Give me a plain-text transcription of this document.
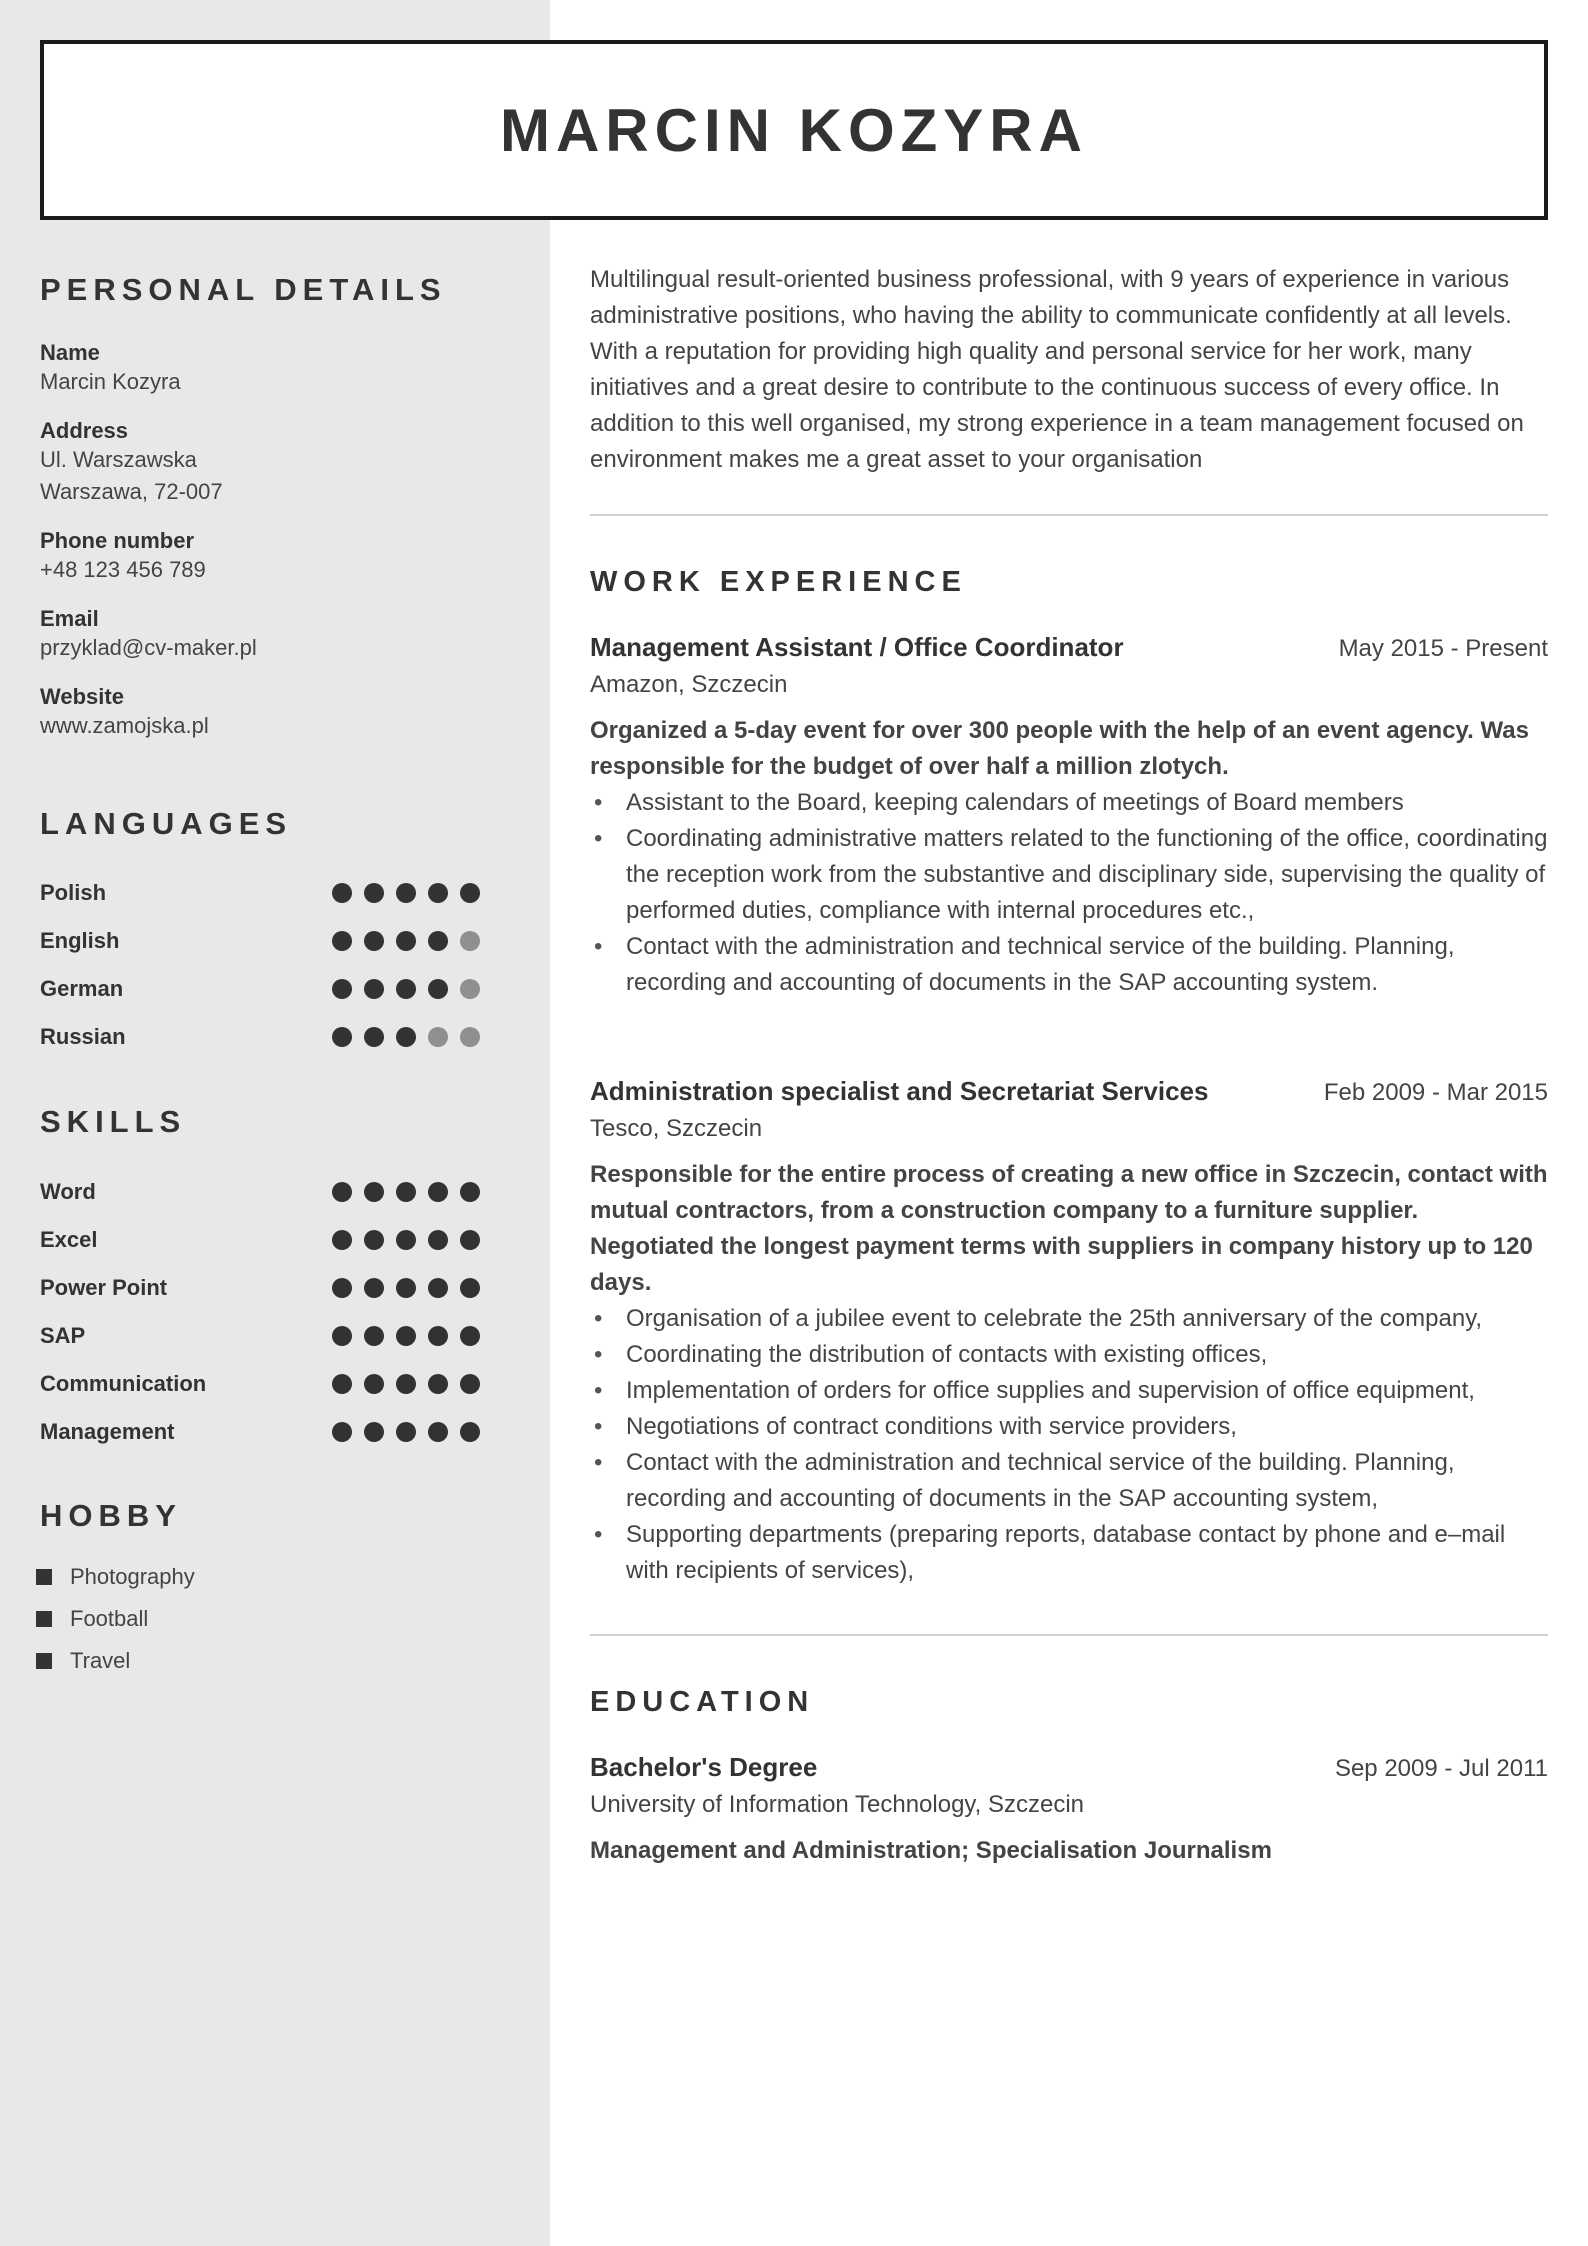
MARCIN KOZYRA
PERSONAL DETAILS
Name
Marcin Kozyra
Address
Ul. Warszawska
Warszawa, 72-007
Phone number
+48 123 456 789
Email
przyklad@cv-maker.pl
Website
www.zamojska.pl
LANGUAGES
Polish
English
German
Russian
SKILLS
Word
Excel
Power Point
SAP
Communication
Management
HOBBY
Photography
Football
Travel

Multilingual result-oriented business professional, with 9 years of experience in various administrative positions, who having the ability to communicate confidently at all levels. With a reputation for providing high quality and personal service for her work, many initiatives and a great desire to contribute to the continuous success of every office. In addition to this well organised, my strong experience in a team management focused on environment makes me a great asset to your organisation

WORK EXPERIENCE
Management Assistant / Office Coordinator	May 2015 - Present
Amazon, Szczecin
Organized a 5-day event for over 300 people with the help of an event agency. Was responsible for the budget of over half a million zlotych.
• Assistant to the Board, keeping calendars of meetings of Board members
• Coordinating administrative matters related to the functioning of the office, coordinating the reception work from the substantive and disciplinary side, supervising the quality of performed duties, compliance with internal procedures etc.,
• Contact with the administration and technical service of the building. Planning, recording and accounting of documents in the SAP accounting system.
Administration specialist and Secretariat Services	Feb 2009 - Mar 2015
Tesco, Szczecin
Responsible for the entire process of creating a new office in Szczecin, contact with mutual contractors, from a construction company to a furniture supplier.
Negotiated the longest payment terms with suppliers in company history up to 120 days.
• Organisation of a jubilee event to celebrate the 25th anniversary of the company,
• Coordinating the distribution of contacts with existing offices,
• Implementation of orders for office supplies and supervision of office equipment,
• Negotiations of contract conditions with service providers,
• Contact with the administration and technical service of the building. Planning, recording and accounting of documents in the SAP accounting system,
• Supporting departments (preparing reports, database contact by phone and e–mail with recipients of services),
EDUCATION
Bachelor's Degree	Sep 2009 - Jul 2011
University of Information Technology, Szczecin
Management and Administration; Specialisation Journalism
